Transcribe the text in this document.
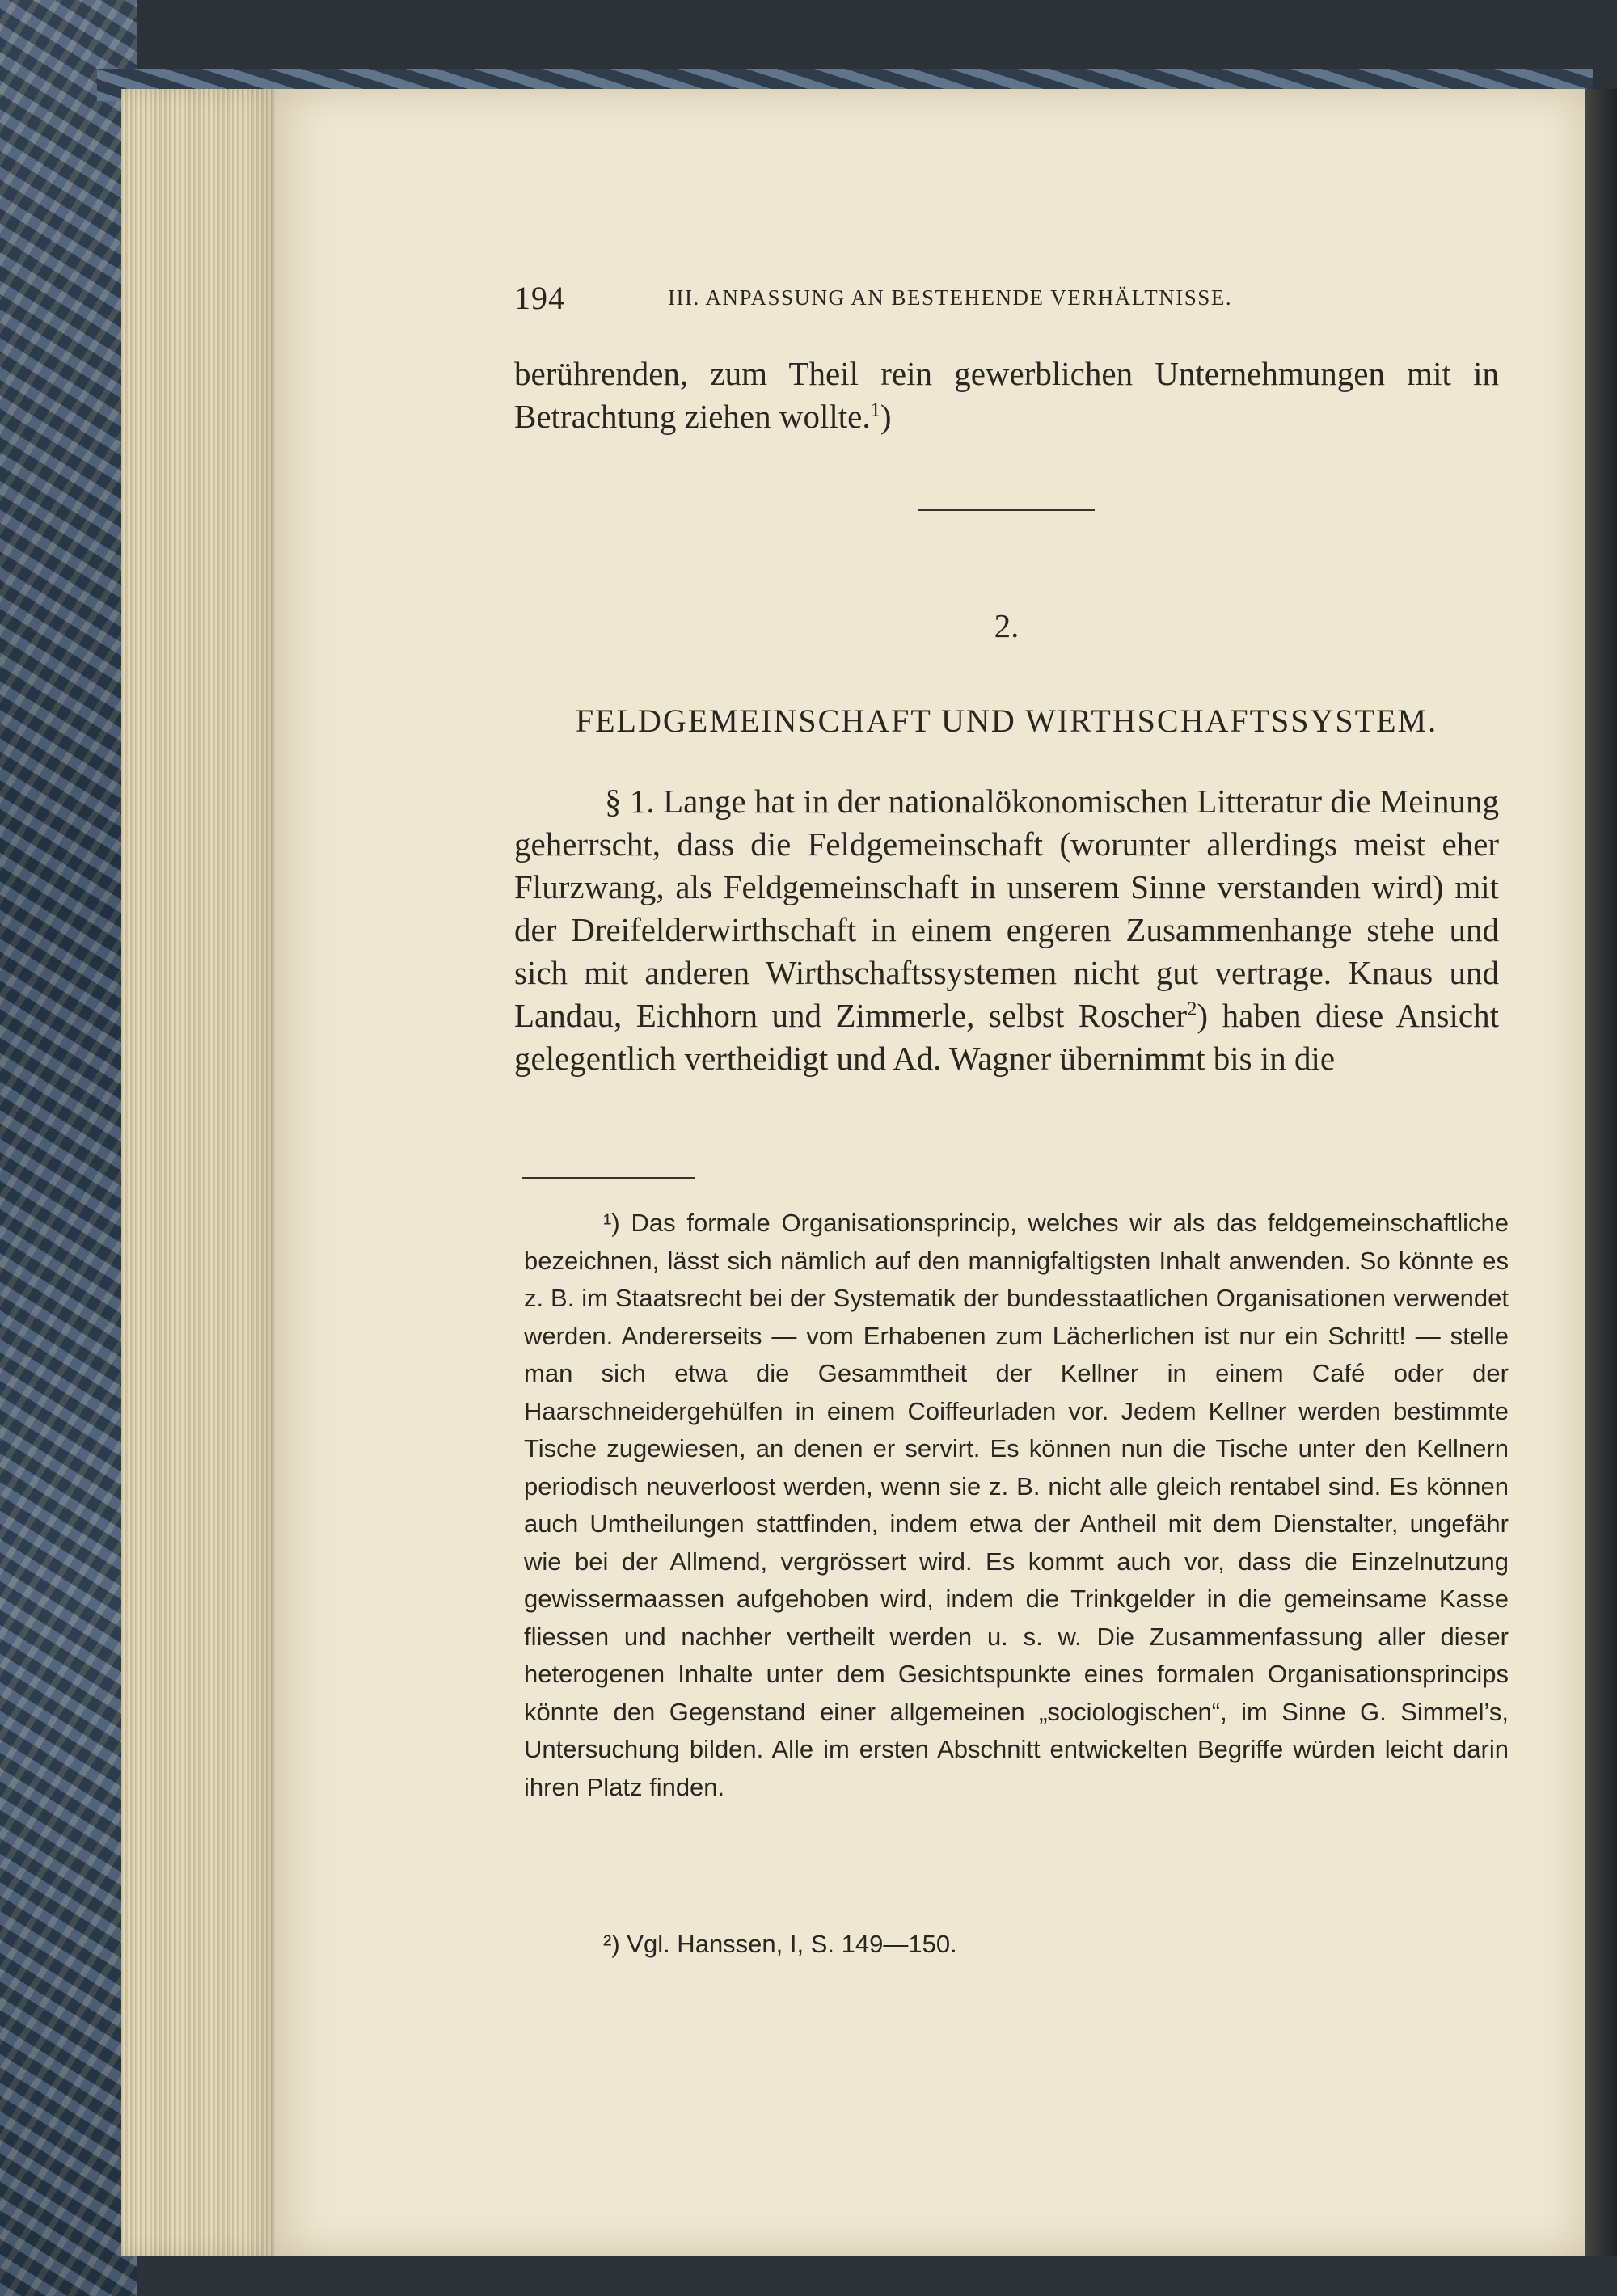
194	III. ANPASSUNG AN BESTEHENDE VERHÄLTNISSE.
berührenden, zum Theil rein gewerblichen Unternehmungen mit in Betrachtung ziehen wollte.$^1$)
2.
FELDGEMEINSCHAFT UND WIRTHSCHAFTSSYSTEM.
§ 1. Lange hat in der nationalökonomischen Litteratur die Meinung geherrscht, dass die Feldgemeinschaft (worunter allerdings meist eher Flurzwang, als Feldgemeinschaft in unserem Sinne verstanden wird) mit der Dreifelderwirthschaft in einem engeren Zusammenhange stehe und sich mit anderen Wirthschaftssystemen nicht gut vertrage. Knaus und Landau, Eichhorn und Zimmerle, selbst Roscher$^2$) haben diese Ansicht gelegentlich vertheidigt und Ad. Wagner übernimmt bis in die
¹) Das formale Organisationsprincip, welches wir als das feldgemeinschaftliche bezeichnen, lässt sich nämlich auf den mannigfaltigsten Inhalt anwenden. So könnte es z. B. im Staatsrecht bei der Systematik der bundesstaatlichen Organisationen verwendet werden. Andererseits — vom Erhabenen zum Lächerlichen ist nur ein Schritt! — stelle man sich etwa die Gesammtheit der Kellner in einem Café oder der Haarschneidergehülfen in einem Coiffeurladen vor. Jedem Kellner werden bestimmte Tische zugewiesen, an denen er servirt. Es können nun die Tische unter den Kellnern periodisch neuverloost werden, wenn sie z. B. nicht alle gleich rentabel sind. Es können auch Umtheilungen stattfinden, indem etwa der Antheil mit dem Dienstalter, ungefähr wie bei der Allmend, vergrössert wird. Es kommt auch vor, dass die Einzelnutzung gewissermaassen aufgehoben wird, indem die Trinkgelder in die gemeinsame Kasse fliessen und nachher vertheilt werden u. s. w. Die Zusammenfassung aller dieser heterogenen Inhalte unter dem Gesichtspunkte eines formalen Organisationsprincips könnte den Gegenstand einer allgemeinen „sociologischen“, im Sinne G. Simmel’s, Untersuchung bilden. Alle im ersten Abschnitt entwickelten Begriffe würden leicht darin ihren Platz finden.
²) Vgl. Hanssen, I, S. 149—150.
